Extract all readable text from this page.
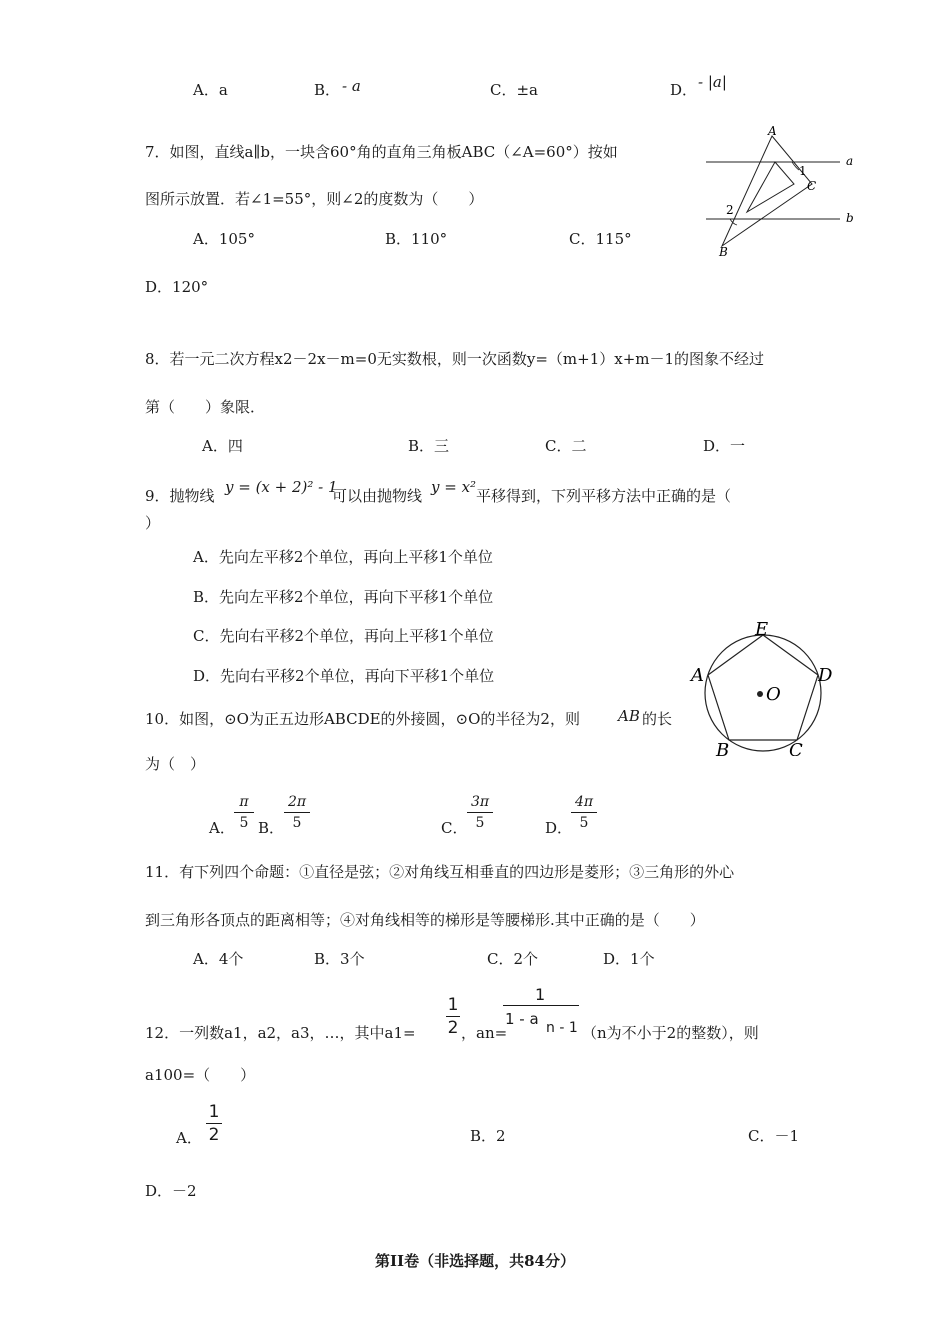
A．a	B． - a	C．±a	D． - |a|
7．如图，直线a∥b，一块含60°角的直角三角板ABC（∠A=60°）按如
图所示放置．若∠1=55°，则∠2的度数为（　　）
A．105°	B．110°	C．115°
D．120°
A
C
B
a
b
1
2
8．若一元二次方程x2－2x－m=0无实数根，则一次函数y=（m+1）x+m－1的图象不经过
第（　　）象限．
A．四	B．三	C．二	D．一
9．抛物线 y = (x + 2)² - 1
可以由抛物线 y = x² 平移得到，下列平移方法中正确的是（
）
A．先向左平移2个单位，再向上平移1个单位
B．先向左平移2个单位，再向下平移1个单位
C．先向右平移2个单位，再向上平移1个单位
D．先向右平移2个单位，再向下平移1个单位
10．如图，⊙O为正五边形ABCDE的外接圆，⊙O的半径为2，则	AB 的长
为（　）
A．
π
5 B．
2π
5	C．
3π
5	D．
4π
5
E
A	D
O
B	C
11．有下列四个命题：①直径是弦；②对角线互相垂直的四边形是菱形；③三角形的外心
到三角形各顶点的距离相等；④对角线相等的梯形是等腰梯形.其中正确的是（　　）
A．4个	B．3个	C．2个	D．1个
12．一列数a1，a2，a3，…，其中a1=
1
2 ，an=
1
1 - a n - 1 （n为不小于2的整数），则
a100=（　　）
A．
1
2	B．2	C．－1
D．－2
第II卷（非选择题，共84分）
